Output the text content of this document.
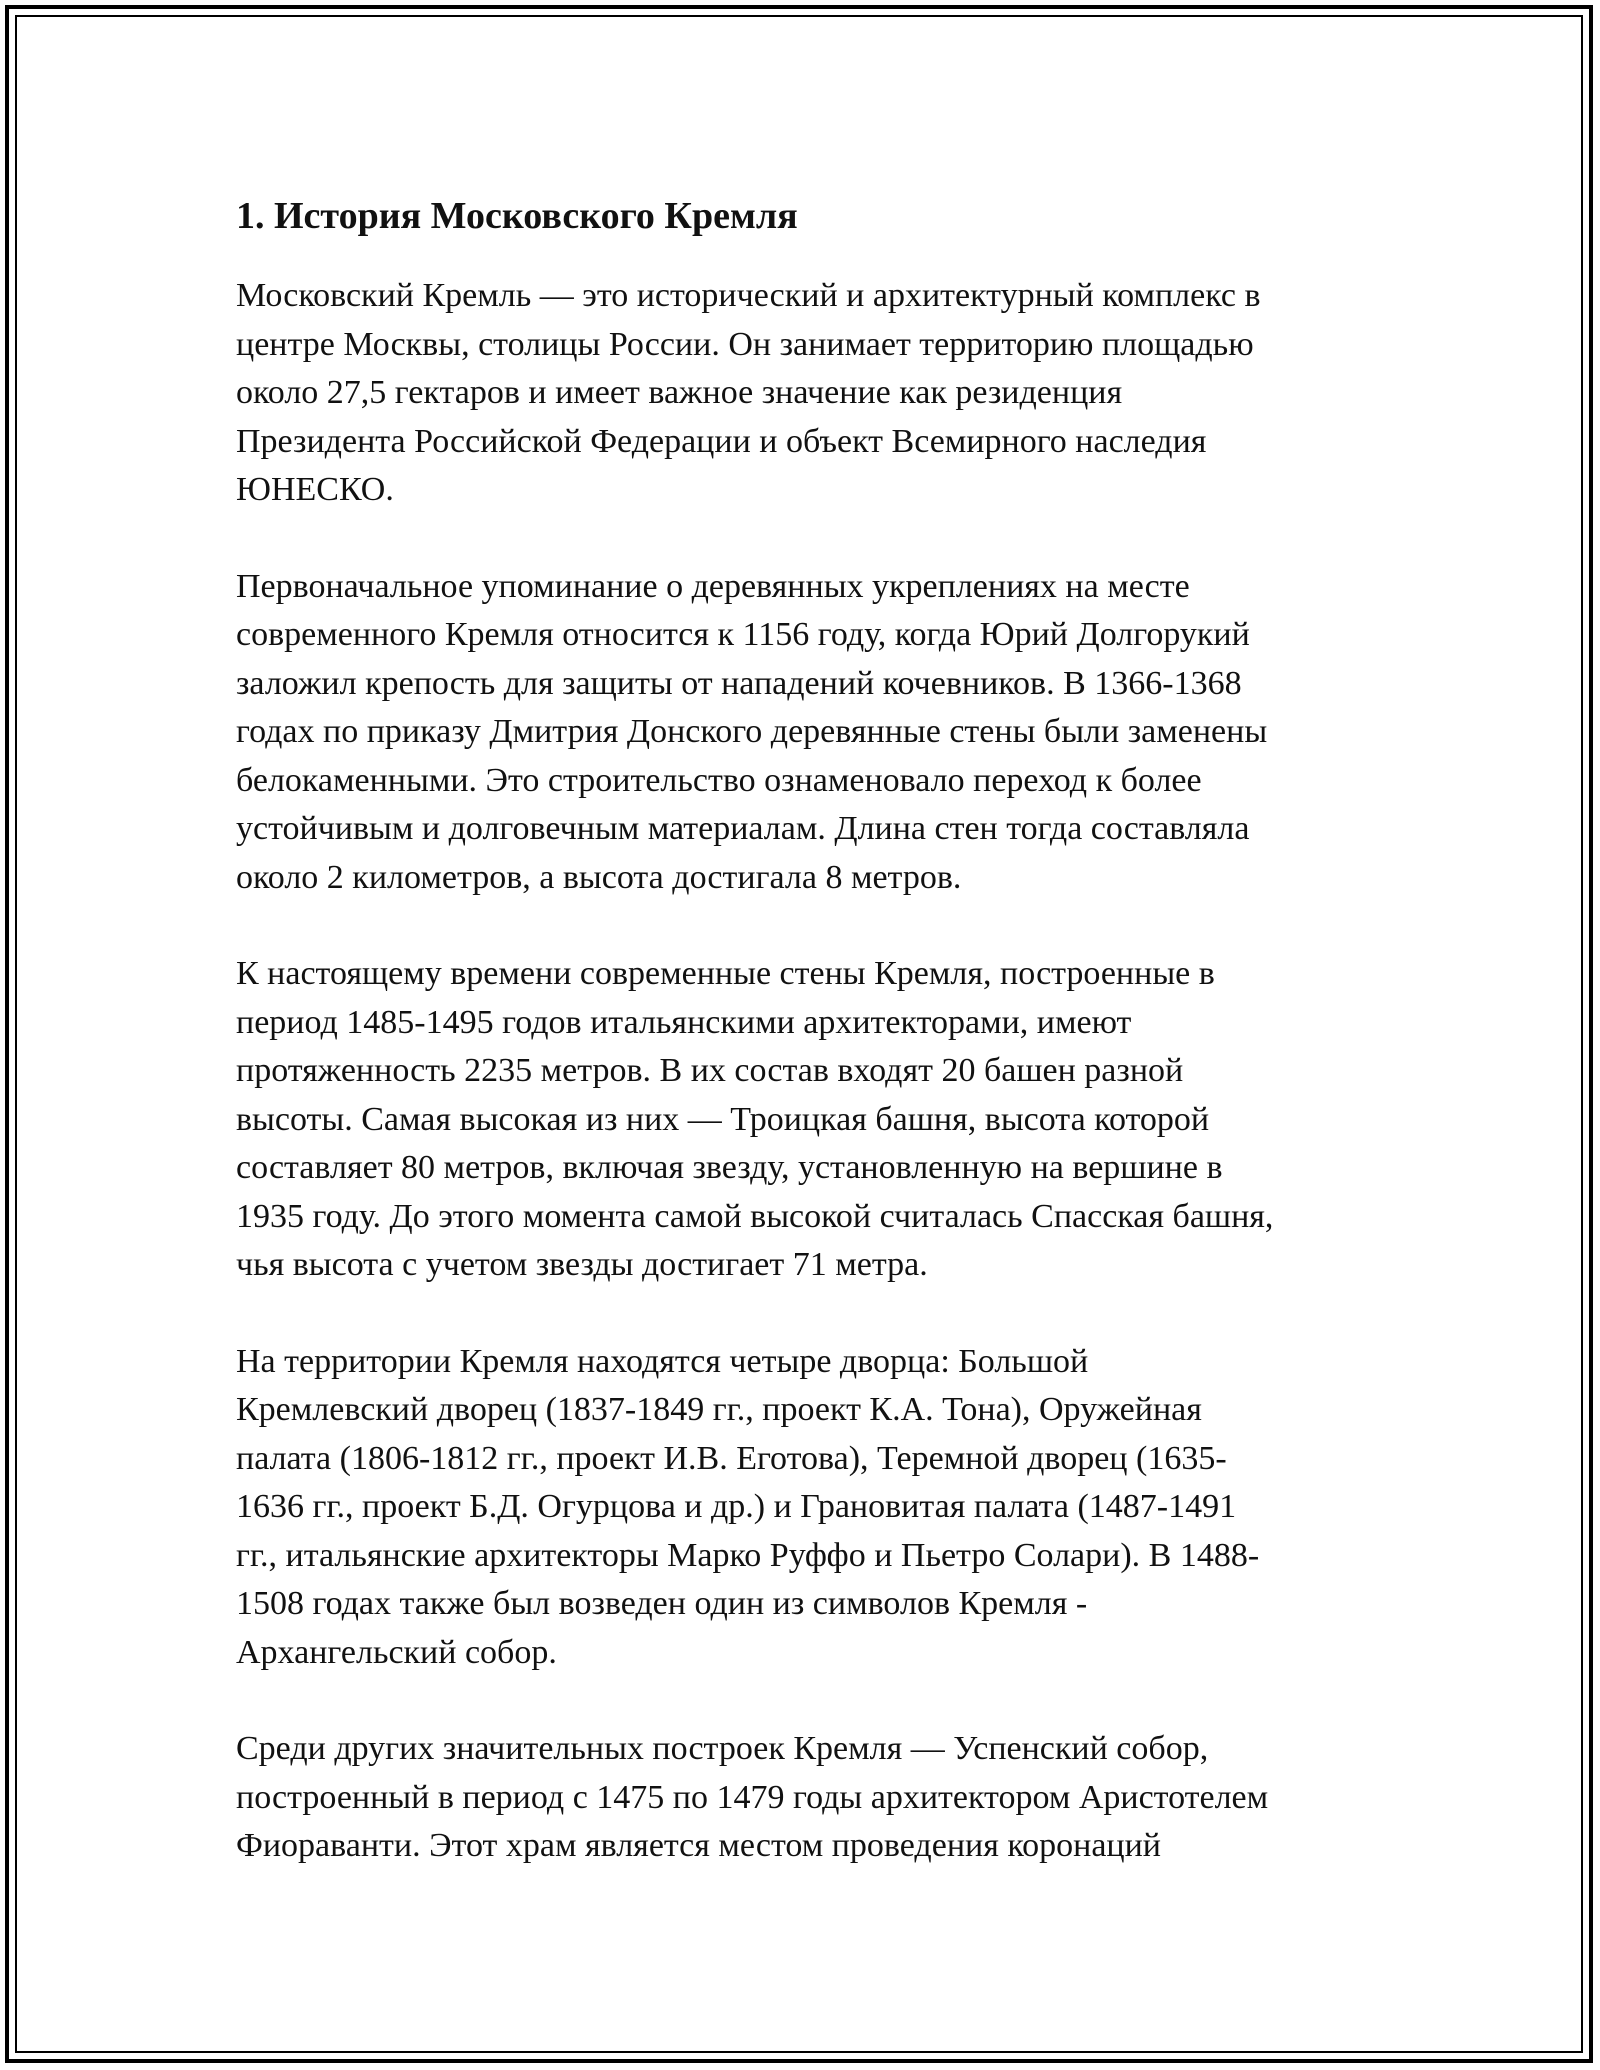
1. История Московского Кремля

Московский Кремль — это исторический и архитектурный комплекс в
центре Москвы, столицы России. Он занимает территорию площадью
около 27,5 гектаров и имеет важное значение как резиденция
Президента Российской Федерации и объект Всемирного наследия
ЮНЕСКО.

Первоначальное упоминание о деревянных укреплениях на месте
современного Кремля относится к 1156 году, когда Юрий Долгорукий
заложил крепость для защиты от нападений кочевников. В 1366-1368
годах по приказу Дмитрия Донского деревянные стены были заменены
белокаменными. Это строительство ознаменовало переход к более
устойчивым и долговечным материалам. Длина стен тогда составляла
около 2 километров, а высота достигала 8 метров.

К настоящему времени современные стены Кремля, построенные в
период 1485-1495 годов итальянскими архитекторами, имеют
протяженность 2235 метров. В их состав входят 20 башен разной
высоты. Самая высокая из них — Троицкая башня, высота которой
составляет 80 метров, включая звезду, установленную на вершине в
1935 году. До этого момента самой высокой считалась Спасская башня,
чья высота с учетом звезды достигает 71 метра.

На территории Кремля находятся четыре дворца: Большой
Кремлевский дворец (1837-1849 гг., проект К.А. Тона), Оружейная
палата (1806-1812 гг., проект И.В. Еготова), Теремной дворец (1635-
1636 гг., проект Б.Д. Огурцова и др.) и Грановитая палата (1487-1491
гг., итальянские архитекторы Марко Руффо и Пьетро Солари). В 1488-
1508 годах также был возведен один из символов Кремля -
Архангельский собор.

Среди других значительных построек Кремля — Успенский собор,
построенный в период с 1475 по 1479 годы архитектором Аристотелем
Фиораванти. Этот храм является местом проведения коронаций
